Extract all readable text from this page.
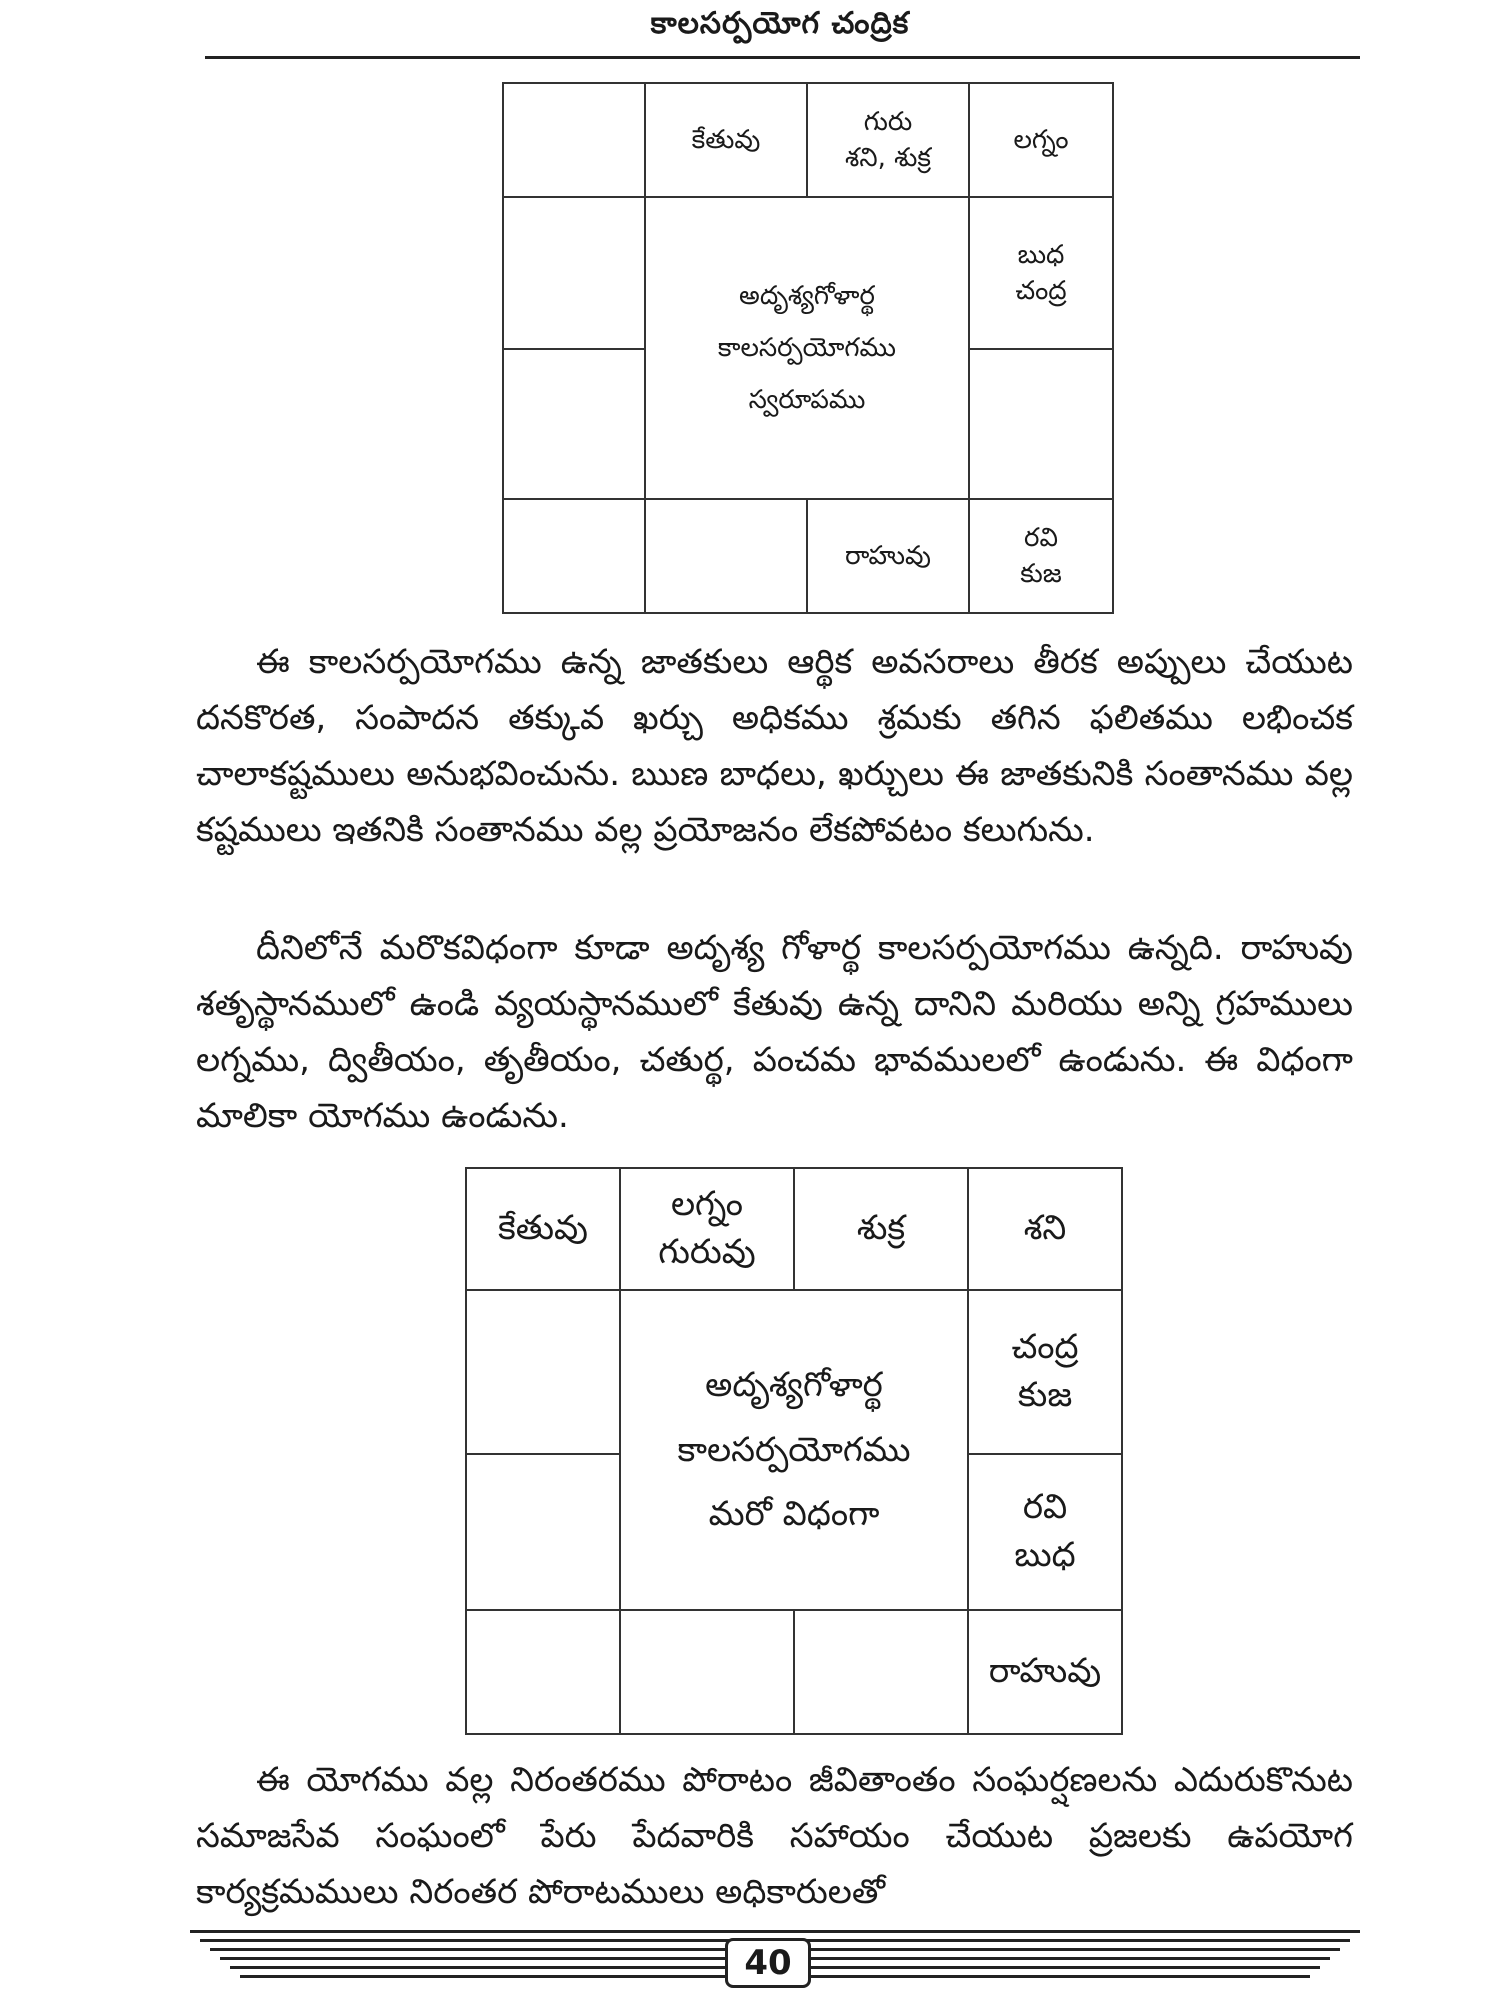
కాలసర్పయోగ చంద్రిక
కేతువు
గురు
శని, శుక్ర
లగ్నం
బుధ
చంద్ర
అదృశ్యగోళార్థ
కాలసర్పయోగము
స్వరూపము
రాహువు
రవి
కుజ

ఈ కాలసర్పయోగము ఉన్న జాతకులు ఆర్థిక అవసరాలు తీరక అప్పులు చేయుట దనకొరత, సంపాదన తక్కువ ఖర్చు అధికము శ్రమకు తగిన ఫలితము లభించక చాలాకష్టములు అనుభవించును. ఋణ బాధలు, ఖర్చులు ఈ జాతకునికి సంతానము వల్ల కష్టములు ఇతనికి సంతానము వల్ల ప్రయోజనం లేకపోవటం కలుగును.

దీనిలోనే మరొకవిధంగా కూడా అదృశ్య గోళార్థ కాలసర్పయోగము ఉన్నది. రాహువు శతృస్థానములో ఉండి వ్యయస్థానములో కేతువు ఉన్న దానిని మరియు అన్ని గ్రహములు లగ్నము, ద్వితీయం, తృతీయం, చతుర్థ, పంచమ భావములలో ఉండును. ఈ విధంగా మాలికా యోగము ఉండును.

కేతువు
లగ్నం
గురువు
శుక్ర	శని
చంద్ర
కుజ
రవి
బుధ
అదృశ్యగోళార్థ
కాలసర్పయోగము
మరో విధంగా
రాహువు

ఈ యోగము వల్ల నిరంతరము పోరాటం జీవితాంతం సంఘర్షణలను ఎదురుకొనుట సమాజసేవ సంఘంలో పేరు పేదవారికి సహాయం చేయుట ప్రజలకు ఉపయోగ కార్యక్రమములు నిరంతర పోరాటములు అధికారులతో

40
